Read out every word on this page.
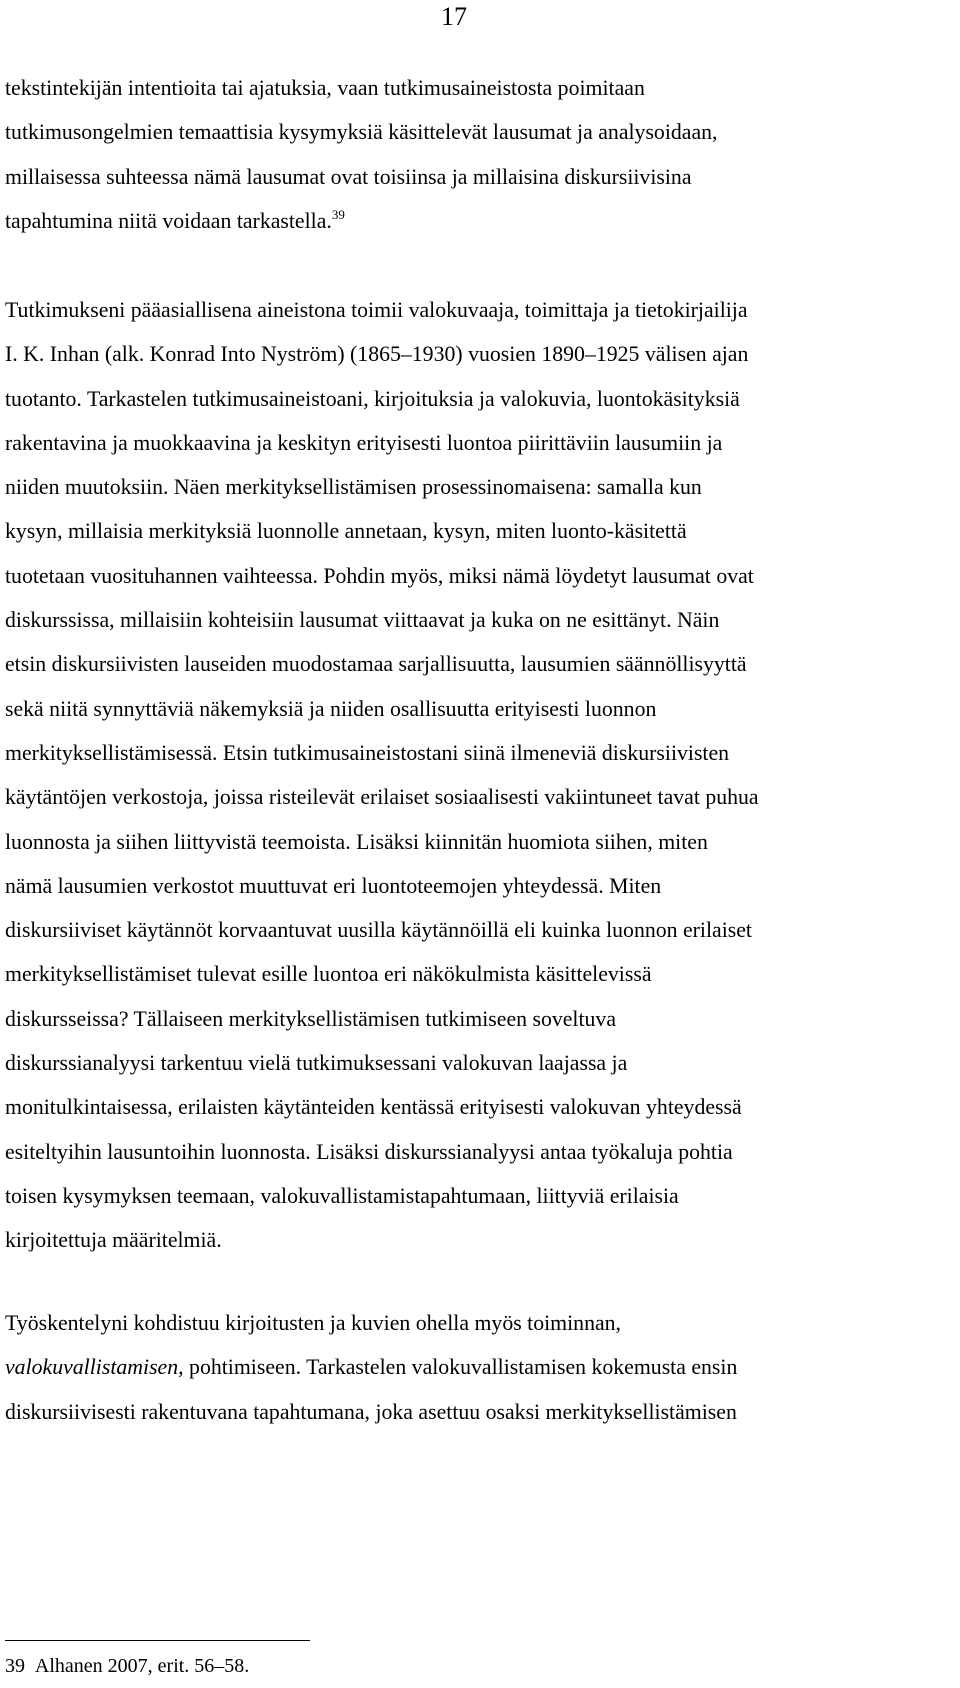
17
tekstintekijän intentioita tai ajatuksia, vaan tutkimusaineistosta poimitaan
tutkimusongelmien temaattisia kysymyksiä käsittelevät lausumat ja analysoidaan,
millaisessa suhteessa nämä lausumat ovat toisiinsa ja millaisina diskursiivisina
tapahtumina niitä voidaan tarkastella.$^{39}$
Tutkimukseni pääasiallisena aineistona toimii valokuvaaja, toimittaja ja tietokirjailija
I. K. Inhan (alk. Konrad Into Nyström) (1865–1930) vuosien 1890–1925 välisen ajan
tuotanto. Tarkastelen tutkimusaineistoani, kirjoituksia ja valokuvia, luontokäsityksiä
rakentavina ja muokkaavina ja keskityn erityisesti luontoa piirittäviin lausumiin ja
niiden muutoksiin. Näen merkityksellistämisen prosessinomaisena: samalla kun
kysyn, millaisia merkityksiä luonnolle annetaan, kysyn, miten luonto-käsitettä
tuotetaan vuosituhannen vaihteessa. Pohdin myös, miksi nämä löydetyt lausumat ovat
diskurssissa, millaisiin kohteisiin lausumat viittaavat ja kuka on ne esittänyt. Näin
etsin diskursiivisten lauseiden muodostamaa sarjallisuutta, lausumien säännöllisyyttä
sekä niitä synnyttäviä näkemyksiä ja niiden osallisuutta erityisesti luonnon
merkityksellistämisessä. Etsin tutkimusaineistostani siinä ilmeneviä diskursiivisten
käytäntöjen verkostoja, joissa risteilevät erilaiset sosiaalisesti vakiintuneet tavat puhua
luonnosta ja siihen liittyvistä teemoista. Lisäksi kiinnitän huomiota siihen, miten
nämä lausumien verkostot muuttuvat eri luontoteemojen yhteydessä. Miten
diskursiiviset käytännöt korvaantuvat uusilla käytännöillä eli kuinka luonnon erilaiset
merkityksellistämiset tulevat esille luontoa eri näkökulmista käsittelevissä
diskursseissa? Tällaiseen merkityksellistämisen tutkimiseen soveltuva
diskurssianalyysi tarkentuu vielä tutkimuksessani valokuvan laajassa ja
monitulkintaisessa, erilaisten käytänteiden kentässä erityisesti valokuvan yhteydessä
esiteltyihin lausuntoihin luonnosta. Lisäksi diskurssianalyysi antaa työkaluja pohtia
toisen kysymyksen teemaan, valokuvallistamistapahtumaan, liittyviä erilaisia
kirjoitettuja määritelmiä.
Työskentelyni kohdistuu kirjoitusten ja kuvien ohella myös toiminnan,
valokuvallistamisen, pohtimiseen. Tarkastelen valokuvallistamisen kokemusta ensin
diskursiivisesti rakentuvana tapahtumana, joka asettuu osaksi merkityksellistämisen
39 Alhanen 2007, erit. 56–58.
